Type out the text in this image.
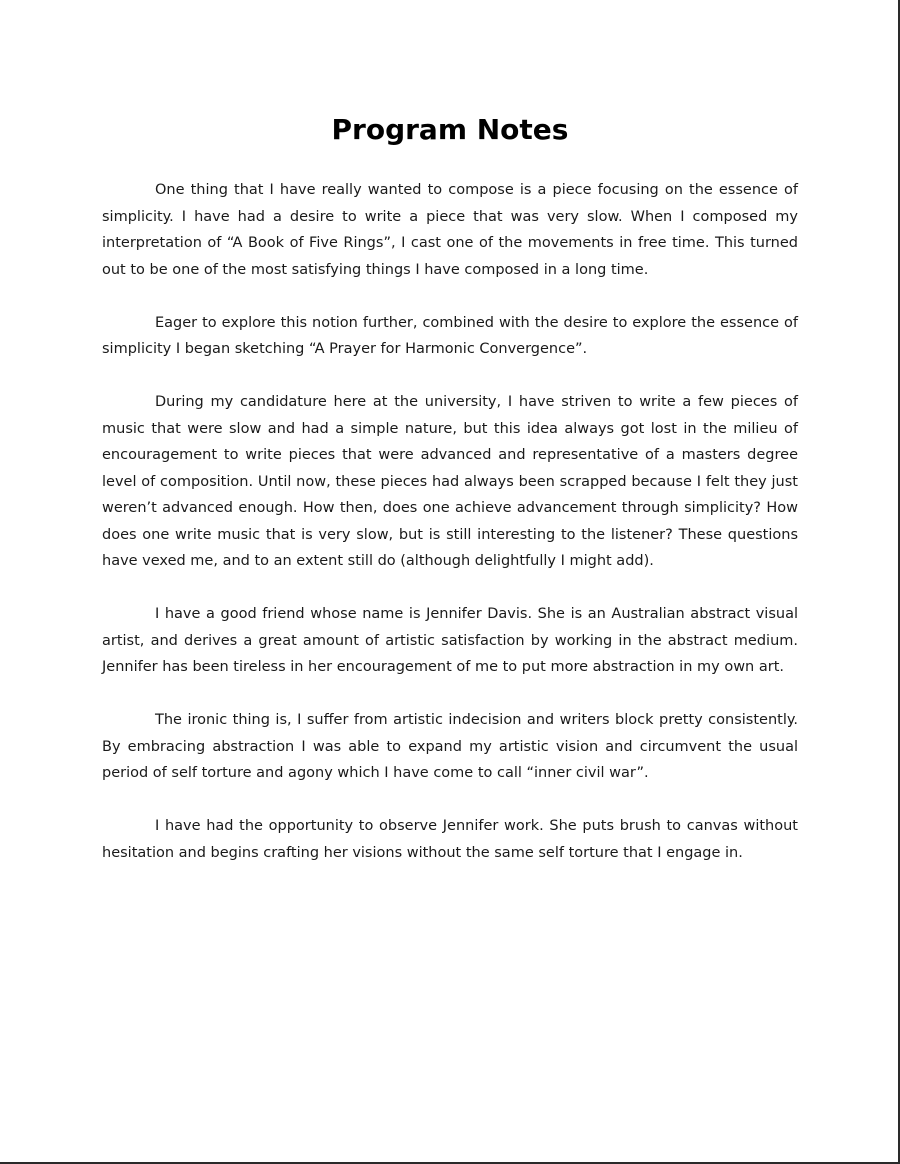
Program Notes

One thing that I have really wanted to compose is a piece focusing on the essence of simplicity. I have had a desire to write a piece that was very slow. When I composed my interpretation of “A Book of Five Rings”, I cast one of the movements in free time. This turned out to be one of the most satisfying things I have composed in a long time.

Eager to explore this notion further, combined with the desire to explore the essence of simplicity I began sketching “A Prayer for Harmonic Convergence”.

During my candidature here at the university, I have striven to write a few pieces of music that were slow and had a simple nature, but this idea always got lost in the milieu of encouragement to write pieces that were advanced and representative of a masters degree level of composition. Until now, these pieces had always been scrapped because I felt they just weren’t advanced enough. How then, does one achieve advancement through simplicity? How does one write music that is very slow, but is still interesting to the listener? These questions have vexed me, and to an extent still do (although delightfully I might add).

I have a good friend whose name is Jennifer Davis. She is an Australian abstract visual artist, and derives a great amount of artistic satisfaction by working in the abstract medium. Jennifer has been tireless in her encouragement of me to put more abstraction in my own art.

The ironic thing is, I suffer from artistic indecision and writers block pretty consistently. By embracing abstraction I was able to expand my artistic vision and circumvent the usual period of self torture and agony which I have come to call “inner civil war”.

I have had the opportunity to observe Jennifer work. She puts brush to canvas without hesitation and begins crafting her visions without the same self torture that I engage in.
